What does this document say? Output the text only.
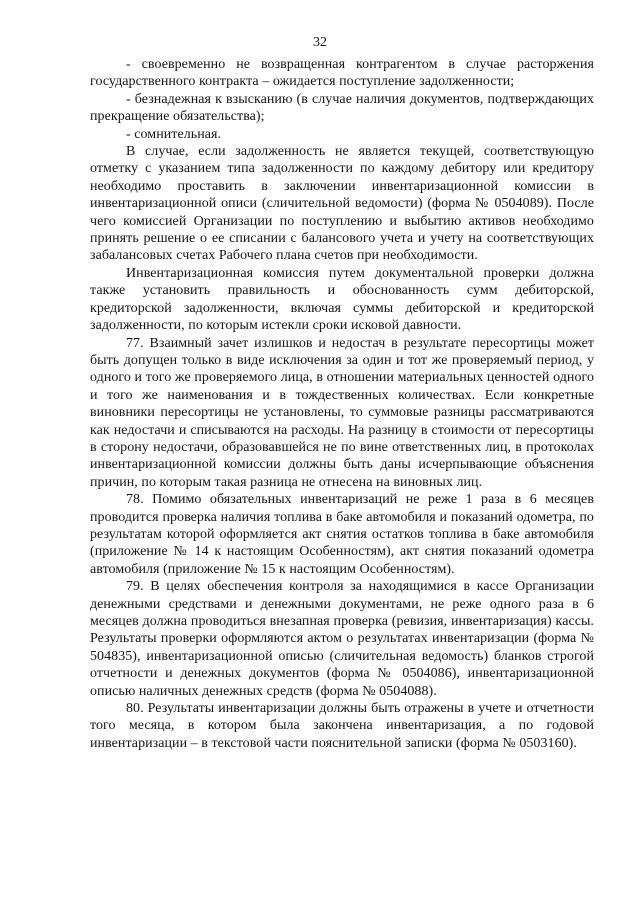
32

- своевременно не возвращенная контрагентом в случае расторжения государственного контракта – ожидается поступление задолженности;

- безнадежная к взысканию (в случае наличия документов, подтверждающих прекращение обязательства);

- сомнительная.

В случае, если задолженность не является текущей, соответствующую отметку с указанием типа задолженности по каждому дебитору или кредитору необходимо проставить в заключении инвентаризационной комиссии в инвентаризационной описи (сличительной ведомости) (форма № 0504089). После чего комиссией Организации по поступлению и выбытию активов необходимо принять решение о ее списании с балансового учета и учету на соответствующих забалансовых счетах Рабочего плана счетов при необходимости.

Инвентаризационная комиссия путем документальной проверки должна также установить правильность и обоснованность сумм дебиторской, кредиторской задолженности, включая суммы дебиторской и кредиторской задолженности, по которым истекли сроки исковой давности.

77. Взаимный зачет излишков и недостач в результате пересортицы может быть допущен только в виде исключения за один и тот же проверяемый период, у одного и того же проверяемого лица, в отношении материальных ценностей одного и того же наименования и в тождественных количествах. Если конкретные виновники пересортицы не установлены, то суммовые разницы рассматриваются как недостачи и списываются на расходы. На разницу в стоимости от пересортицы в сторону недостачи, образовавшейся не по вине ответственных лиц, в протоколах инвентаризационной комиссии должны быть даны исчерпывающие объяснения причин, по которым такая разница не отнесена на виновных лиц.

78. Помимо обязательных инвентаризаций не реже 1 раза в 6 месяцев проводится проверка наличия топлива в баке автомобиля и показаний одометра, по результатам которой оформляется акт снятия остатков топлива в баке автомобиля (приложение № 14 к настоящим Особенностям), акт снятия показаний одометра автомобиля (приложение № 15 к настоящим Особенностям).

79. В целях обеспечения контроля за находящимися в кассе Организации денежными средствами и денежными документами, не реже одного раза в 6 месяцев должна проводиться внезапная проверка (ревизия, инвентаризация) кассы. Результаты проверки оформляются актом о результатах инвентаризации (форма № 504835), инвентаризационной описью (сличительная ведомость) бланков строгой отчетности и денежных документов (форма № 0504086), инвентаризационной описью наличных денежных средств (форма № 0504088).

80. Результаты инвентаризации должны быть отражены в учете и отчетности того месяца, в котором была закончена инвентаризация, а по годовой инвентаризации – в текстовой части пояснительной записки (форма № 0503160).
